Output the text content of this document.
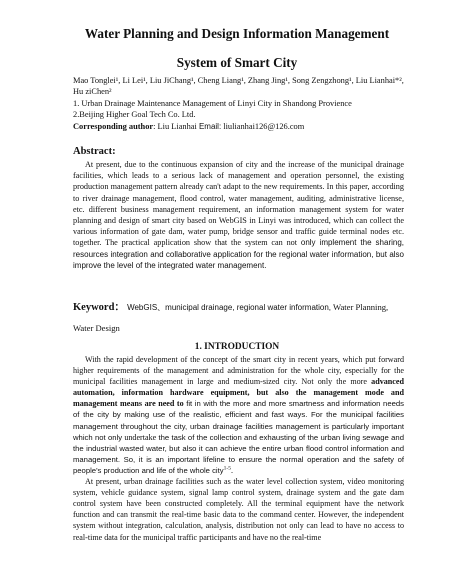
Water Planning and Design Information Management
System of Smart City
Mao Tonglei¹, Li Lei¹, Liu JiChang¹, Cheng Liang¹, Zhang Jing¹, Song Zengzhong¹, Liu Lianhai*²,
Hu ziChen²
1. Urban Drainage Maintenance Management of Linyi City in Shandong Provience
2.Beijing Higher Goal Tech Co. Ltd.
Corresponding author: Liu Lianhai Email: liulianhai126@126.com
Abstract:
At present, due to the continuous expansion of city and the increase of the municipal drainage facilities, which leads to a serious lack of management and operation personnel, the existing production management pattern already can't adapt to the new requirements. In this paper, according to river drainage management, flood control, water management, auditing, administrative license, etc. different business management requirement, an information management system for water planning and design of smart city based on WebGIS in Linyi was introduced, which can collect the various information of gate dam, water pump, bridge sensor and traffic guide terminal nodes etc. together. The practical application show that the system can not only implement the sharing, resources integration and collaborative application for the regional water information, but also improve the level of the integrated water management.
Keyword： WebGIS、municipal drainage, regional water information, Water Planning, Water Design
1. INTRODUCTION

With the rapid development of the concept of the smart city in recent years, which put forward higher requirements of the management and administration for the whole city, especially for the municipal facilities management in large and medium-sized city. Not only the more advanced automation, information hardware equipment, but also the management mode and management means are need to fit in with the more and more smartness and information needs of the city by making use of the realistic, efficient and fast ways. For the municipal facilities management throughout the city, urban drainage facilities management is particularly important which not only undertake the task of the collection and exhausting of the urban living sewage and the industrial wasted water, but also it can achieve the entire urban flood control information and management. So, it is an important lifeline to ensure the normal operation and the safety of people's production and life of the whole city$^{1-5}$.

At present, urban drainage facilities such as the water level collection system, video monitoring system, vehicle guidance system, signal lamp control system, drainage system and the gate dam control system have been constructed completely. All the terminal equipment have the network function and can transmit the real-time basic data to the command center. However, the independent system without integration, calculation, analysis, distribution not only can lead to have no access to real-time data for the municipal traffic participants and have no the real-time
